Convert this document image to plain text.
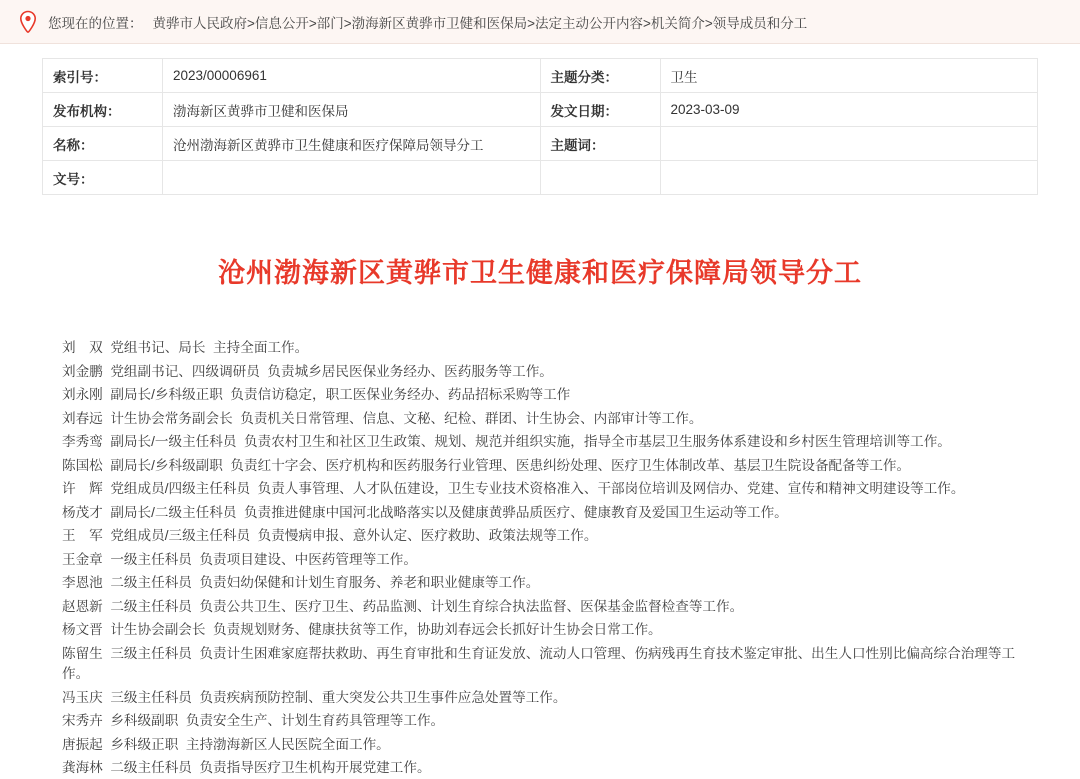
您现在的位置： 黄骅市人民政府>信息公开>部门>渤海新区黄骅市卫健和医保局>法定主动公开内容>机关简介>领导成员和分工
索引号：	2023/00006961	主题分类：	卫生
发布机构：	渤海新区黄骅市卫健和医保局	发文日期：	2023-03-09
名称：	沧州渤海新区黄骅市卫生健康和医疗保障局领导分工	主题词：	
文号：			
沧州渤海新区黄骅市卫生健康和医疗保障局领导分工

刘　双  党组书记、局长  主持全面工作。

刘金鹏  党组副书记、四级调研员  负责城乡居民医保业务经办、医药服务等工作。

刘永刚  副局长/乡科级正职  负责信访稳定，职工医保业务经办、药品招标采购等工作

刘春远  计生协会常务副会长  负责机关日常管理、信息、文秘、纪检、群团、计生协会、内部审计等工作。

李秀鸾  副局长/一级主任科员  负责农村卫生和社区卫生政策、规划、规范并组织实施，指导全市基层卫生服务体系建设和乡村医生管理培训等工作。

陈国松  副局长/乡科级副职  负责红十字会、医疗机构和医药服务行业管理、医患纠纷处理、医疗卫生体制改革、基层卫生院设备配备等工作。

许　辉  党组成员/四级主任科员  负责人事管理、人才队伍建设，卫生专业技术资格准入、干部岗位培训及网信办、党建、宣传和精神文明建设等工作。

杨茂才  副局长/二级主任科员  负责推进健康中国河北战略落实以及健康黄骅品质医疗、健康教育及爱国卫生运动等工作。

王　军  党组成员/三级主任科员  负责慢病申报、意外认定、医疗救助、政策法规等工作。

王金章  一级主任科员  负责项目建设、中医药管理等工作。

李恩池  二级主任科员  负责妇幼保健和计划生育服务、养老和职业健康等工作。

赵恩新  二级主任科员  负责公共卫生、医疗卫生、药品监测、计划生育综合执法监督、医保基金监督检查等工作。

杨文晋  计生协会副会长  负责规划财务、健康扶贫等工作，协助刘春远会长抓好计生协会日常工作。

陈留生  三级主任科员  负责计生困难家庭帮扶救助、再生育审批和生育证发放、流动人口管理、伤病残再生育技术鉴定审批、出生人口性别比偏高综合治理等工作。

冯玉庆  三级主任科员  负责疾病预防控制、重大突发公共卫生事件应急处置等工作。

宋秀卉  乡科级副职  负责安全生产、计划生育药具管理等工作。

唐振起  乡科级正职  主持渤海新区人民医院全面工作。

龚海林  二级主任科员  负责指导医疗卫生机构开展党建工作。
